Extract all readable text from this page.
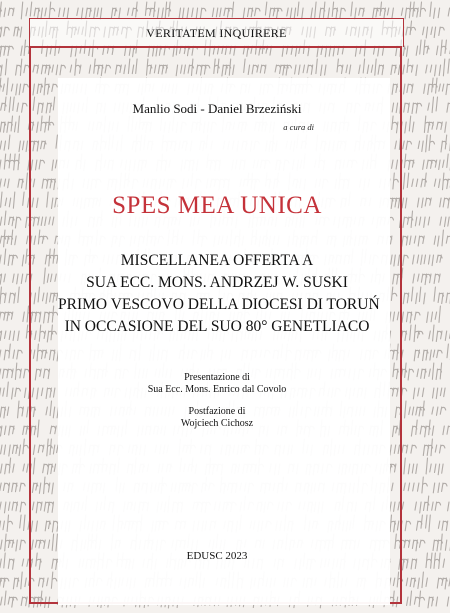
VERITATEM INQUIRERE
Manlio Sodi - Daniel Brzeziński
a cura di
SPES MEA UNICA
MISCELLANEA OFFERTA A
SUA ECC. MONS. ANDRZEJ W. SUSKI
PRIMO VESCOVO DELLA DIOCESI DI TORUŃ
IN OCCASIONE DEL SUO 80° GENETLIACO
Presentazione di
Sua Ecc. Mons. Enrico dal Covolo
Postfazione di
Wojciech Cichosz
EDUSC 2023
